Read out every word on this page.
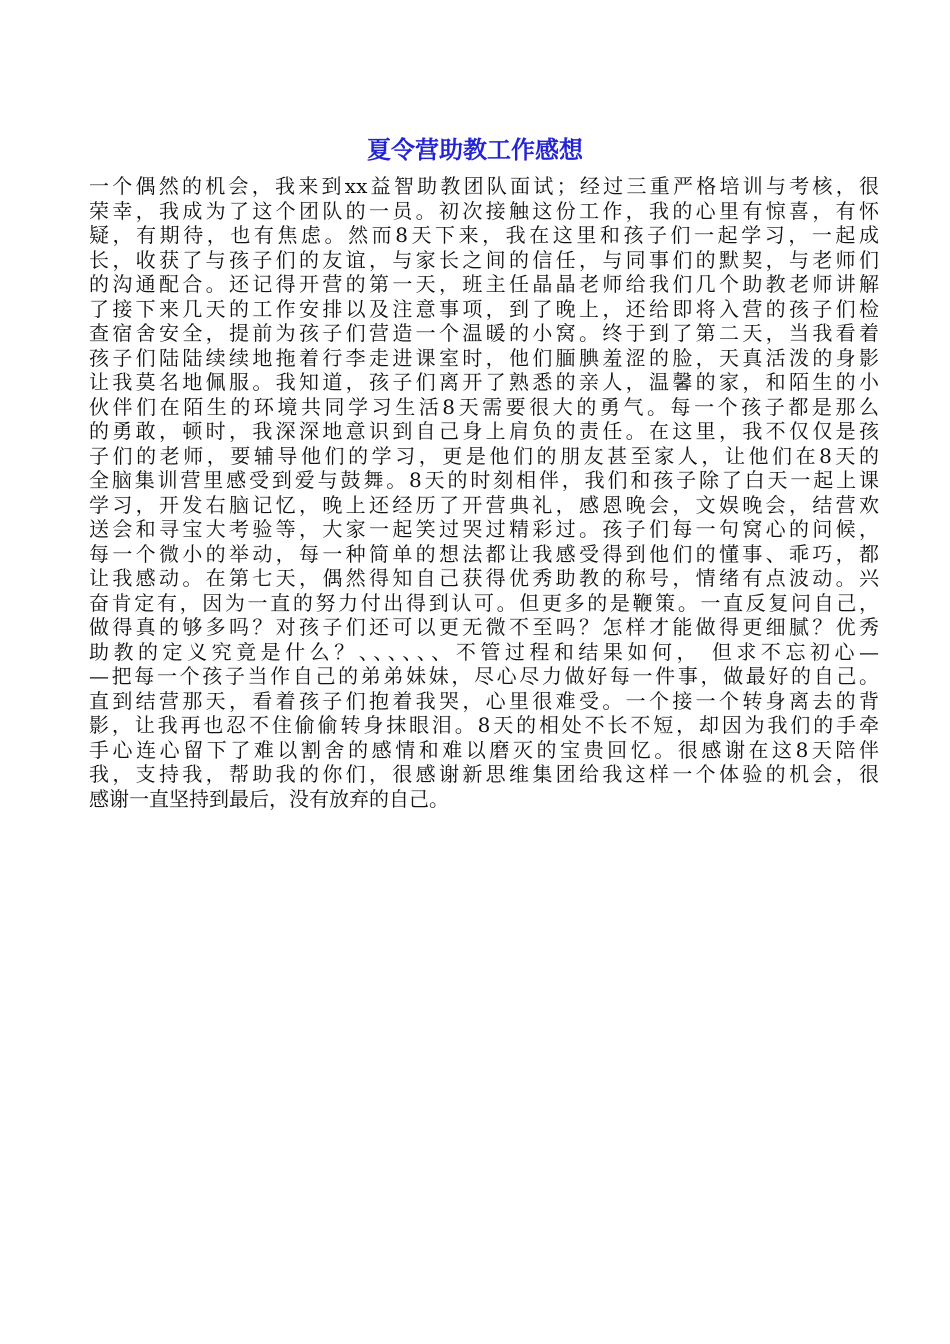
夏令营助教工作感想
一个偶然的机会，我来到xx益智助教团队面试；经过三重严格培训与考核，很
荣幸，我成为了这个团队的一员。初次接触这份工作，我的心里有惊喜，有怀
疑，有期待，也有焦虑。然而8天下来，我在这里和孩子们一起学习，一起成
长，收获了与孩子们的友谊，与家长之间的信任，与同事们的默契，与老师们
的沟通配合。还记得开营的第一天，班主任晶晶老师给我们几个助教老师讲解
了接下来几天的工作安排以及注意事项，到了晚上，还给即将入营的孩子们检
查宿舍安全，提前为孩子们营造一个温暖的小窝。终于到了第二天，当我看着
孩子们陆陆续续地拖着行李走进课室时，他们腼腆羞涩的脸，天真活泼的身影
让我莫名地佩服。我知道，孩子们离开了熟悉的亲人，温馨的家，和陌生的小
伙伴们在陌生的环境共同学习生活8天需要很大的勇气。每一个孩子都是那么
的勇敢，顿时，我深深地意识到自己身上肩负的责任。在这里，我不仅仅是孩
子们的老师，要辅导他们的学习，更是他们的朋友甚至家人，让他们在8天的
全脑集训营里感受到爱与鼓舞。8天的时刻相伴，我们和孩子除了白天一起上课
学习，开发右脑记忆，晚上还经历了开营典礼，感恩晚会，文娱晚会，结营欢
送会和寻宝大考验等，大家一起笑过哭过精彩过。孩子们每一句窝心的问候，
每一个微小的举动，每一种简单的想法都让我感受得到他们的懂事、乖巧，都
让我感动。在第七天，偶然得知自己获得优秀助教的称号，情绪有点波动。兴
奋肯定有，因为一直的努力付出得到认可。但更多的是鞭策。一直反复问自己，
做得真的够多吗？对孩子们还可以更无微不至吗？怎样才能做得更细腻？优秀
助教的定义究竟是什么？、、、、、、不管过程和结果如何， 但求不忘初心—
—把每一个孩子当作自己的弟弟妹妹，尽心尽力做好每一件事，做最好的自己。
直到结营那天，看着孩子们抱着我哭，心里很难受。一个接一个转身离去的背
影，让我再也忍不住偷偷转身抹眼泪。8天的相处不长不短，却因为我们的手牵
手心连心留下了难以割舍的感情和难以磨灭的宝贵回忆。很感谢在这8天陪伴
我，支持我，帮助我的你们，很感谢新思维集团给我这样一个体验的机会，很
感谢一直坚持到最后，没有放弃的自己。
